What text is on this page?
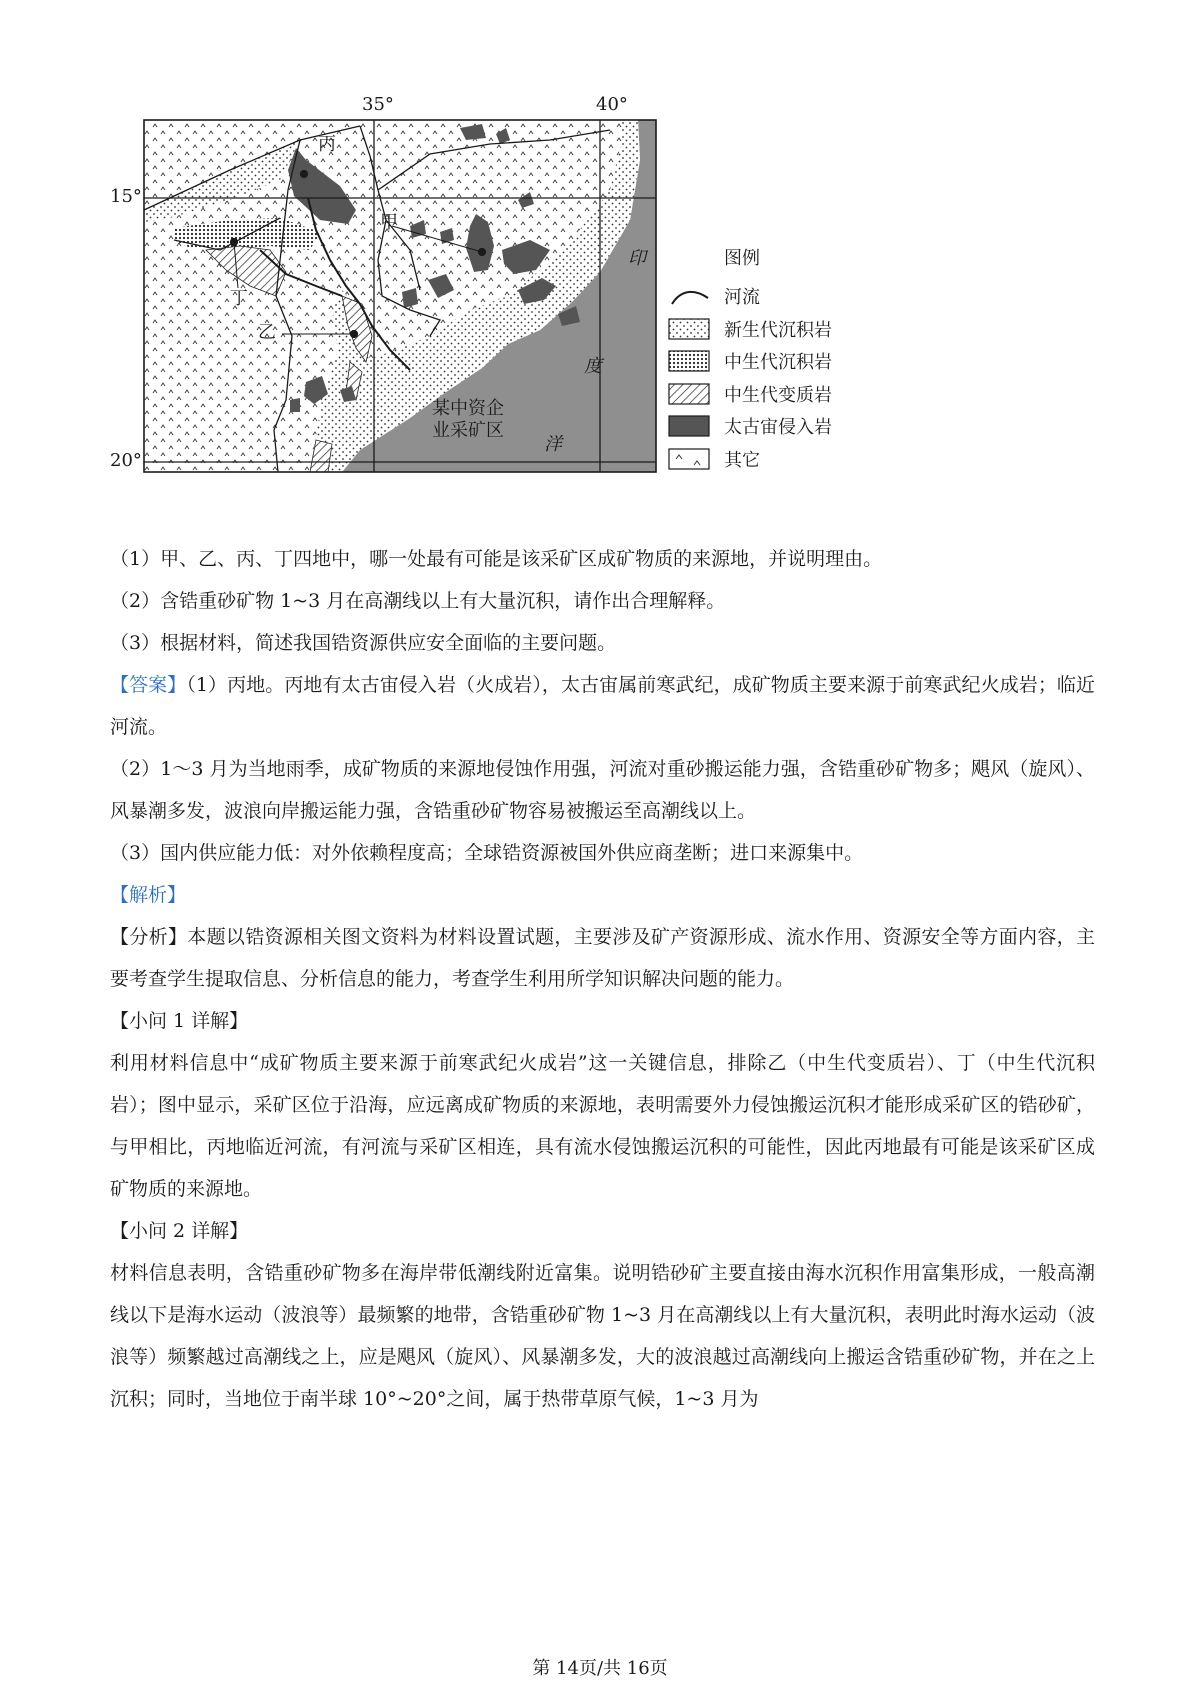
35°	40°
15°
20°
丙
甲
丁
乙
某中资企
业采矿区
印
度
洋
图例
河流
新生代沉积岩
中生代沉积岩
中生代变质岩
太古宙侵入岩
其它

（1）甲、乙、丙、丁四地中，哪一处最有可能是该采矿区成矿物质的来源地，并说明理由。

（2）含锆重砂矿物 1~3 月在高潮线以上有大量沉积，请作出合理解释。

（3）根据材料，简述我国锆资源供应安全面临的主要问题。

【答案】（1）丙地。丙地有太古宙侵入岩（火成岩），太古宙属前寒武纪，成矿物质主要来源于前寒武纪火成岩；临近河流。

（2）1～3 月为当地雨季，成矿物质的来源地侵蚀作用强，河流对重砂搬运能力强，含锆重砂矿物多；飓风（旋风）、风暴潮多发，波浪向岸搬运能力强，含锆重砂矿物容易被搬运至高潮线以上。

（3）国内供应能力低：对外依赖程度高；全球锆资源被国外供应商垄断；进口来源集中。

【解析】

【分析】本题以锆资源相关图文资料为材料设置试题，主要涉及矿产资源形成、流水作用、资源安全等方面内容，主要考查学生提取信息、分析信息的能力，考查学生利用所学知识解决问题的能力。

【小问 1 详解】

利用材料信息中“成矿物质主要来源于前寒武纪火成岩”这一关键信息，排除乙（中生代变质岩）、丁（中生代沉积岩）；图中显示，采矿区位于沿海，应远离成矿物质的来源地，表明需要外力侵蚀搬运沉积才能形成采矿区的锆砂矿，与甲相比，丙地临近河流，有河流与采矿区相连，具有流水侵蚀搬运沉积的可能性，因此丙地最有可能是该采矿区成矿物质的来源地。

【小问 2 详解】

材料信息表明，含锆重砂矿物多在海岸带低潮线附近富集。说明锆砂矿主要直接由海水沉积作用富集形成，一般高潮线以下是海水运动（波浪等）最频繁的地带，含锆重砂矿物 1~3 月在高潮线以上有大量沉积，表明此时海水运动（波浪等）频繁越过高潮线之上，应是飓风（旋风）、风暴潮多发，大的波浪越过高潮线向上搬运含锆重砂矿物，并在之上沉积；同时，当地位于南半球 10°~20°之间，属于热带草原气候，1~3 月为

第 14页/共 16页
